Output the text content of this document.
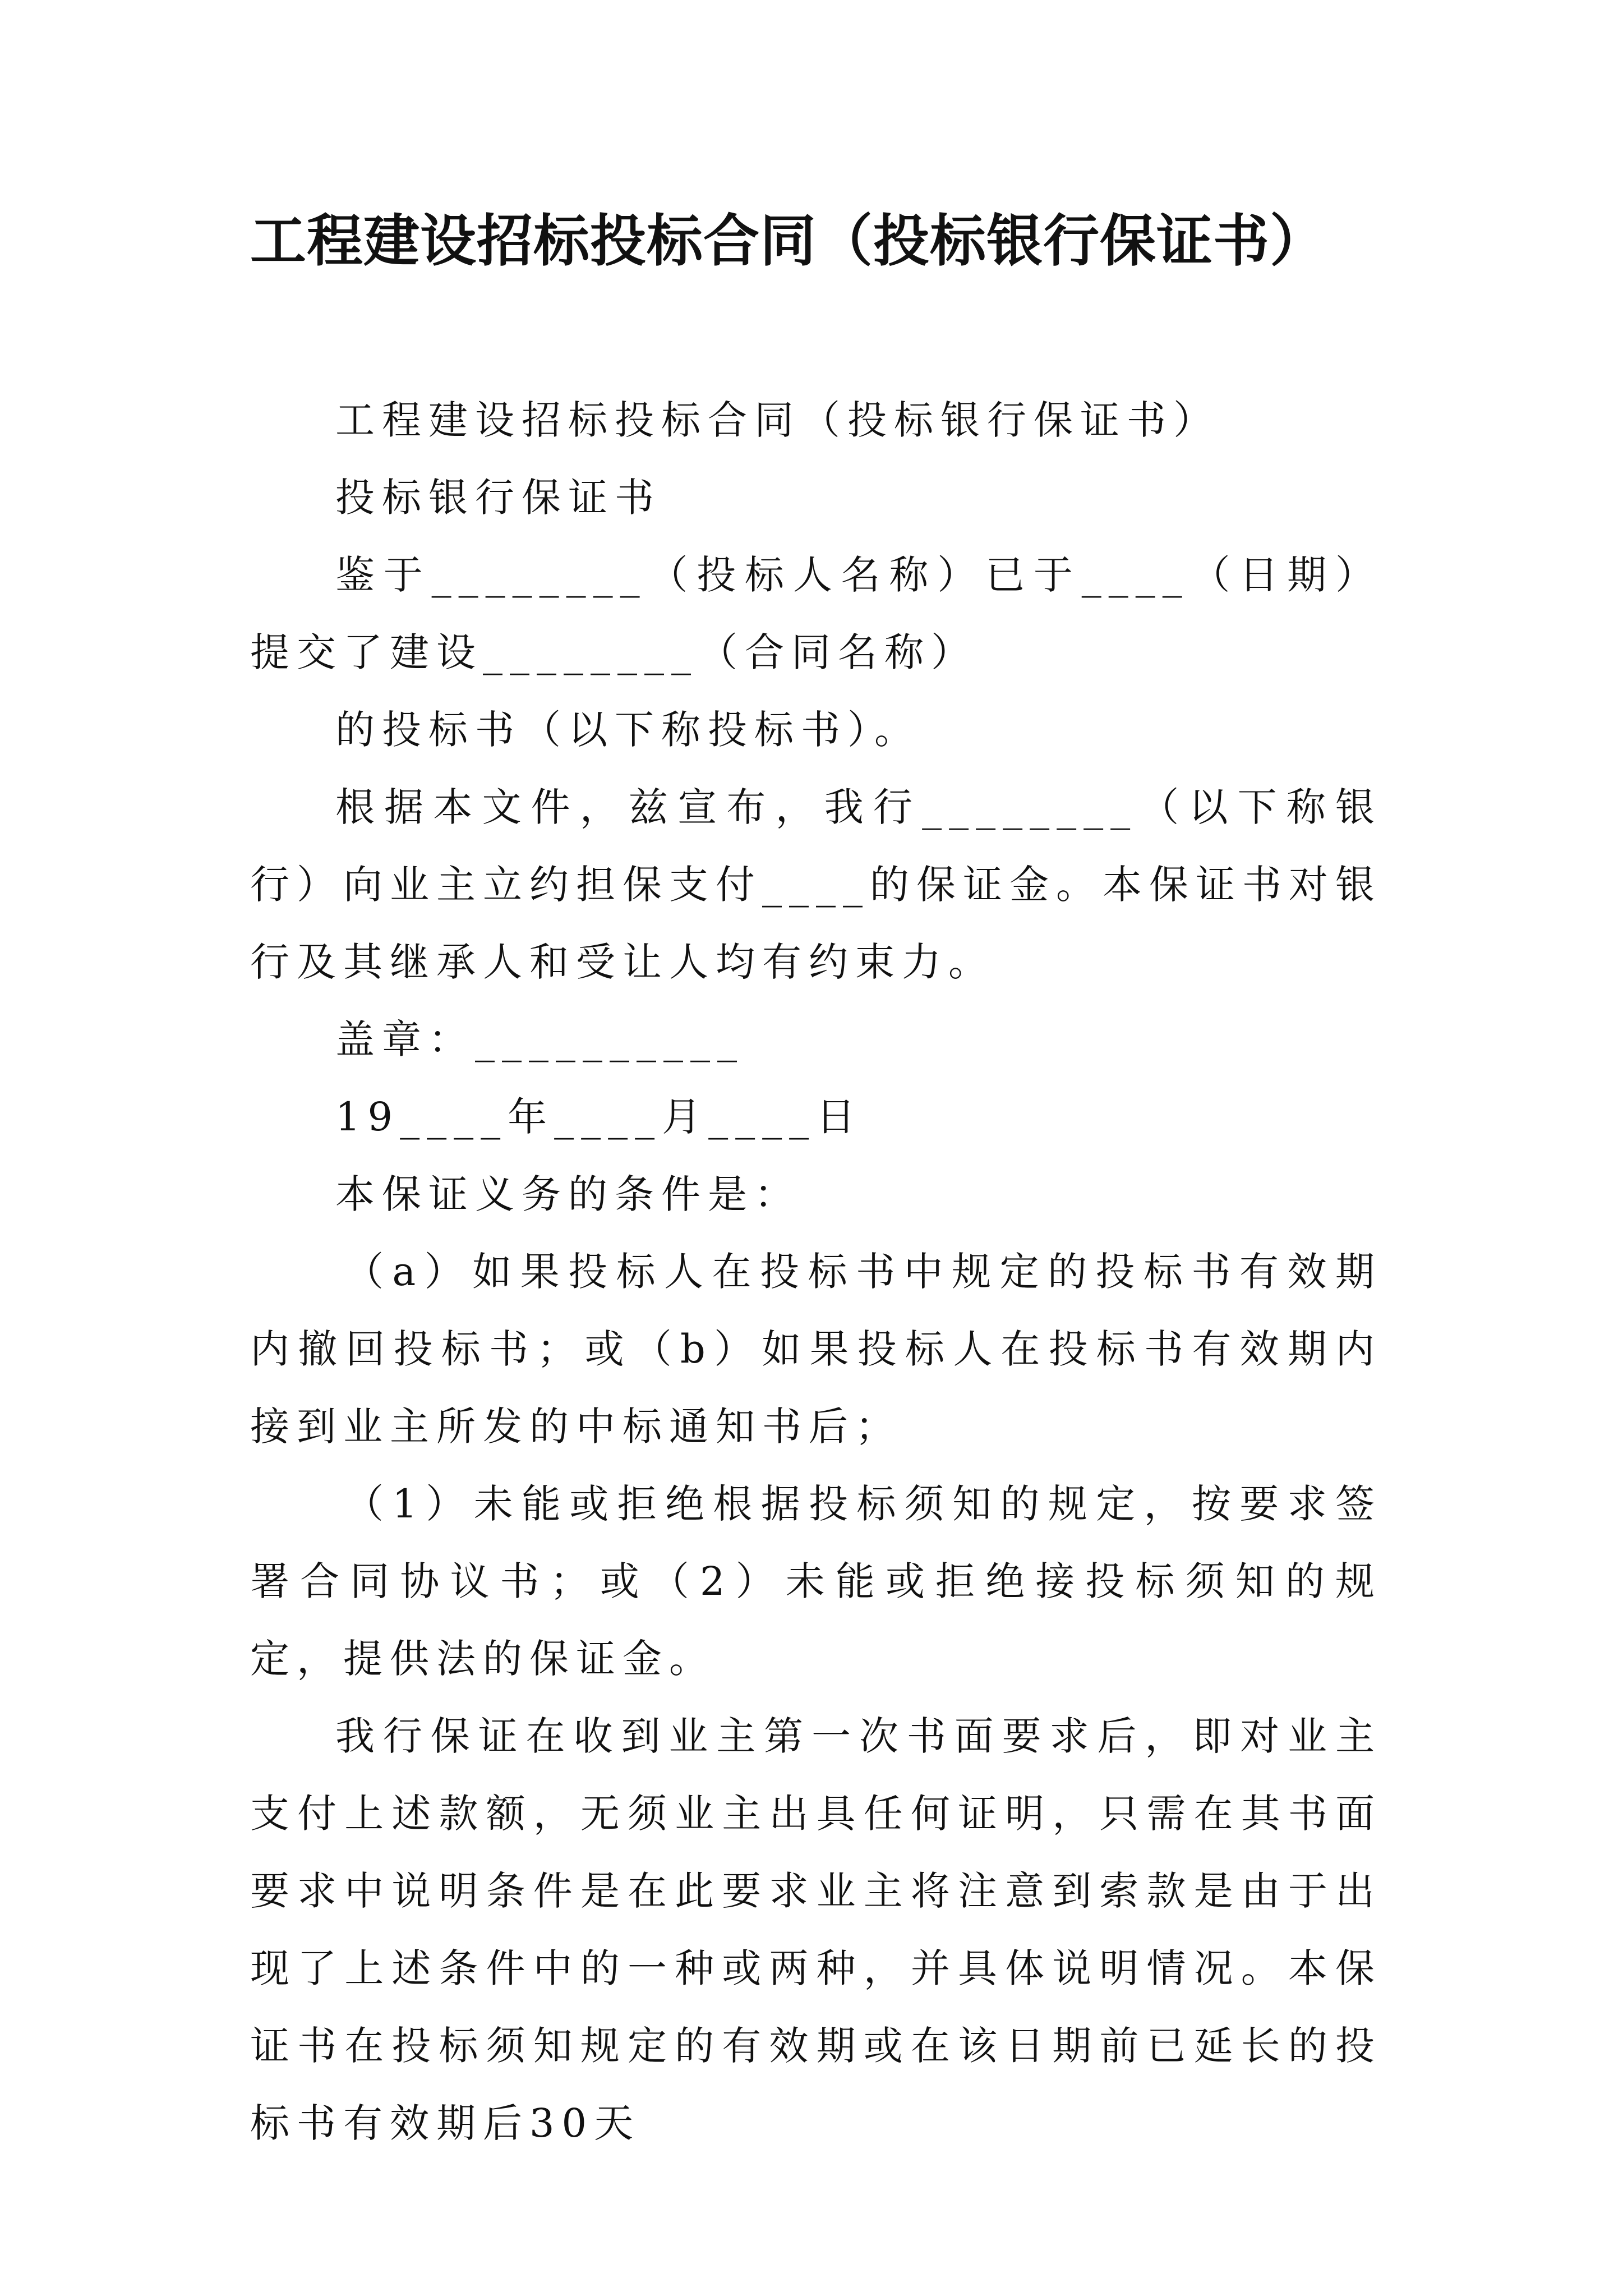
工程建设招标投标合同（投标银行保证书）

工程建设招标投标合同（投标银行保证书）

投标银行保证书

鉴于________（投标人名称）已于____（日期）提交了建设________（合同名称）

的投标书（以下称投标书）。

根据本文件，兹宣布，我行________（以下称银行）向业主立约担保支付____的保证金。本保证书对银行及其继承人和受让人均有约束力。

盖章：__________

19____年____月____日

本保证义务的条件是：

（a）如果投标人在投标书中规定的投标书有效期内撤回投标书；或（b）如果投标人在投标书有效期内接到业主所发的中标通知书后；

（1）未能或拒绝根据投标须知的规定，按要求签署合同协议书；或（2）未能或拒绝接投标须知的规定，提供法的保证金。

我行保证在收到业主第一次书面要求后，即对业主支付上述款额，无须业主出具任何证明，只需在其书面要求中说明条件是在此要求业主将注意到索款是由于出现了上述条件中的一种或两种，并具体说明情况。本保证书在投标须知规定的有效期或在该日期前已延长的投标书有效期后30天
